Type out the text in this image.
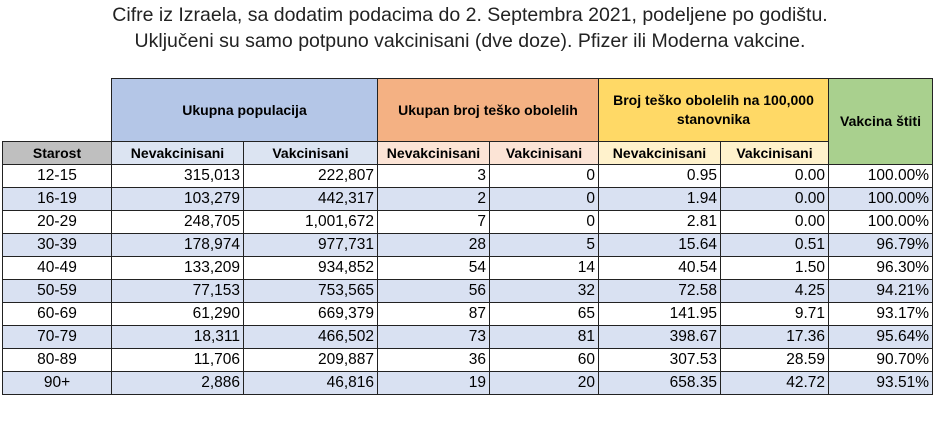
Cifre iz Izraela, sa dodatim podacima do 2. Septembra 2021, podeljene po godištu.
Uključeni su samo potpuno vakcinisani (dve doze). Pfizer ili Moderna vakcine.
	Ukupna populacija		Ukupan broj teško obolelih		Broj teško obolelih na 100,000 stanovnika		Vakcina štiti
Starost	Nevakcinisani	Vakcinisani	Nevakcinisani	Vakcinisani	Nevakcinisani	Vakcinisani	
12-15	315,013	222,807	3	0	0.95	0.00	100.00%
16-19	103,279	442,317	2	0	1.94	0.00	100.00%
20-29	248,705	1,001,672	7	0	2.81	0.00	100.00%
30-39	178,974	977,731	28	5	15.64	0.51	96.79%
40-49	133,209	934,852	54	14	40.54	1.50	96.30%
50-59	77,153	753,565	56	32	72.58	4.25	94.21%
60-69	61,290	669,379	87	65	141.95	9.71	93.17%
70-79	18,311	466,502	73	81	398.67	17.36	95.64%
80-89	11,706	209,887	36	60	307.53	28.59	90.70%
90+	2,886	46,816	19	20	658.35	42.72	93.51%
